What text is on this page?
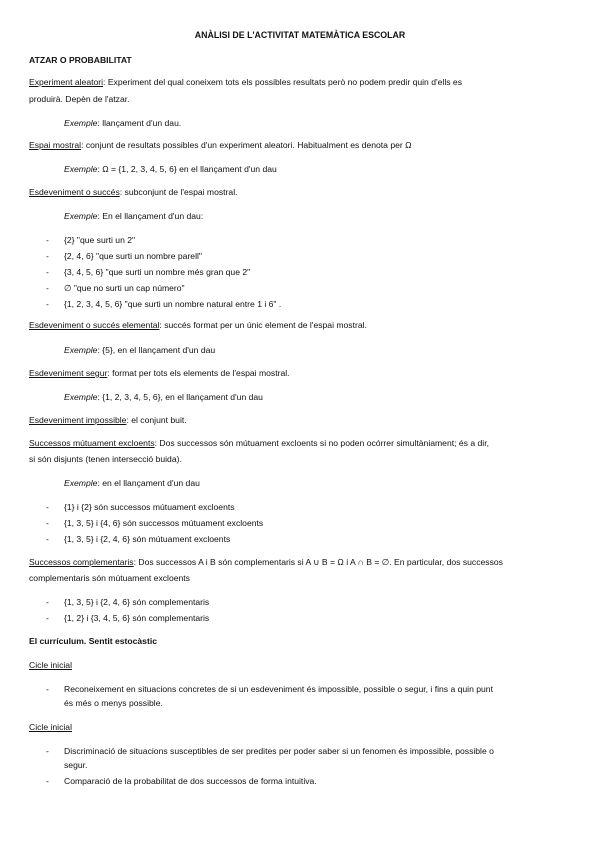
ANÀLISI DE L'ACTIVITAT MATEMÀTICA ESCOLAR
ATZAR O PROBABILITAT
Experiment aleatori: Experiment del qual coneixem tots els possibles resultats però no podem predir quin d'ells es
produirà. Depèn de l'atzar.
Exemple: llançament d'un dau.
Espai mostral: conjunt de resultats possibles d'un experiment aleatori. Habitualment es denota per Ω
Exemple: Ω = {1, 2, 3, 4, 5, 6} en el llançament d'un dau
Esdeveniment o succés: subconjunt de l'espai mostral.
Exemple: En el llançament d'un dau:
- {2} "que surti un 2"
- {2, 4, 6} "que surti un nombre parell"
- {3, 4, 5, 6} "que surti un nombre més gran que 2"
- ∅ "que no surti un cap número"
- {1, 2, 3, 4, 5, 6} "que surti un nombre natural entre 1 i 6" .
Esdeveniment o succés elemental: succés format per un únic element de l'espai mostral.
Exemple: {5}, en el llançament d'un dau
Esdeveniment segur: format per tots els elements de l'espai mostral.
Exemple: {1, 2, 3, 4, 5, 6}, en el llançament d'un dau
Esdeveniment impossible: el conjunt buit.
Successos mútuament excloents: Dos successos són mútuament excloents si no poden ocórrer simultàniament; és a dir,
si són disjunts (tenen intersecció buida).
Exemple: en el llançament d'un dau
- {1} i {2} són successos mútuament excloents
- {1, 3, 5} i {4, 6} són successos mútuament excloents
- {1, 3, 5} i {2, 4, 6} són mútuament excloents
Successos complementaris: Dos successos A i B són complementaris si A ∪ B = Ω i A ∩ B = ∅. En particular, dos successos
complementaris són mútuament excloents
- {1, 3, 5} i {2, 4, 6} són complementaris
- {1, 2} i {3, 4, 5, 6} són complementaris
El currículum. Sentit estocàstic
Cicle inicial
- Reconeixement en situacions concretes de si un esdeveniment és impossible, possible o segur, i fins a quin punt
és més o menys possible.
Cicle inicial
- Discriminació de situacions susceptibles de ser predites per poder saber si un fenomen és impossible, possible o
segur.
- Comparació de la probabilitat de dos successos de forma intuitiva.
